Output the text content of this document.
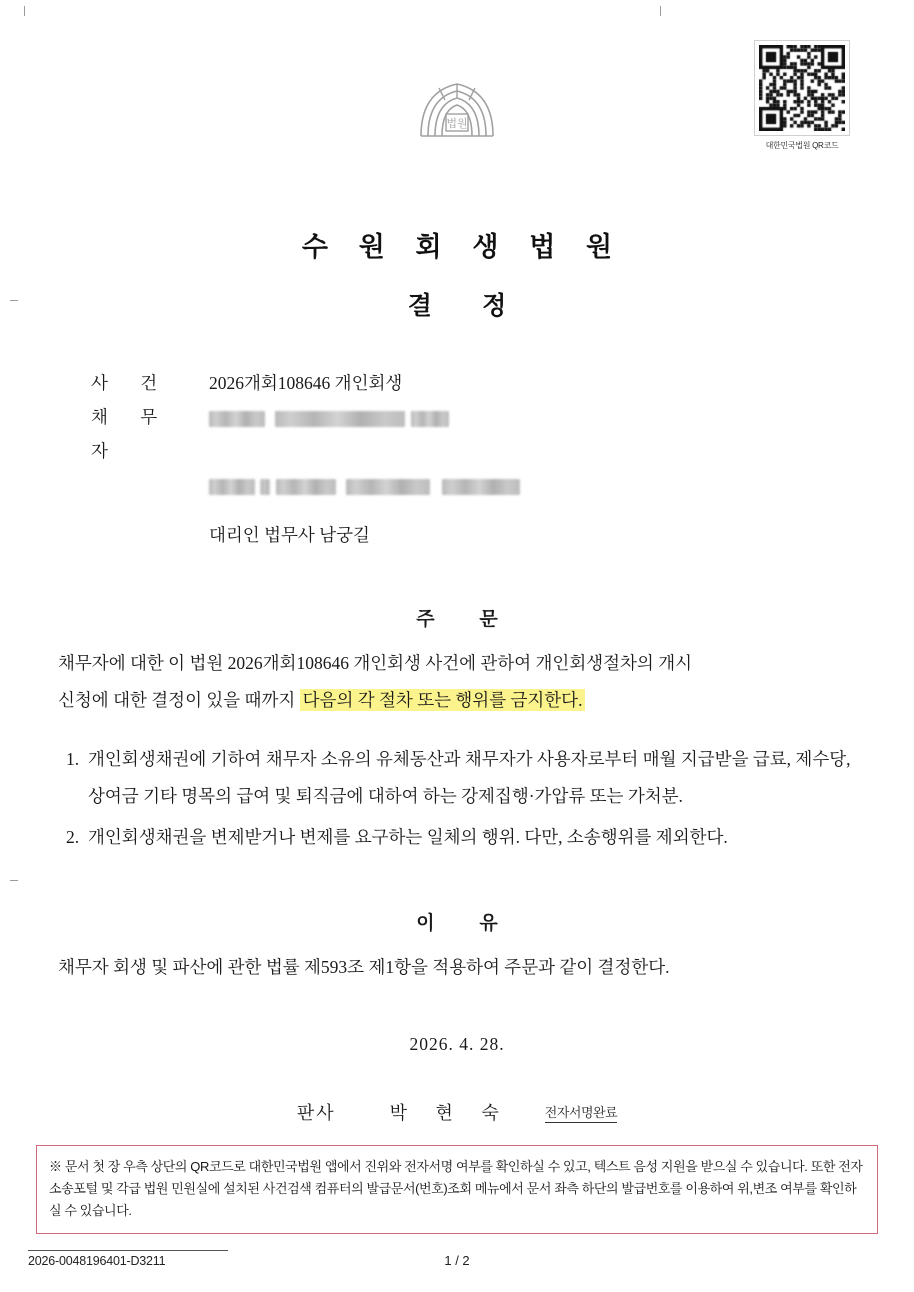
법원
대한민국법원 QR코드
수 원 회 생 법 원
결 정
사 건	2026개회108646 개인회생
채 무 자
대리인 법무사 남궁길
주 문
채무자에 대한 이 법원 2026개회108646 개인회생 사건에 관하여 개인회생절차의 개시
신청에 대한 결정이 있을 때까지 다음의 각 절차 또는 행위를 금지한다.
1. 개인회생채권에 기하여 채무자 소유의 유체동산과 채무자가 사용자로부터 매월 지급받을 급료, 제수당, 상여금 기타 명목의 급여 및 퇴직금에 대하여 하는 강제집행·가압류 또는 가처분.
2. 개인회생채권을 변제받거나 변제를 요구하는 일체의 행위. 다만, 소송행위를 제외한다.
이 유
채무자 회생 및 파산에 관한 법률 제593조 제1항을 적용하여 주문과 같이 결정한다.
2026. 4. 28.
판사	박 현 숙	전자서명완료
※ 문서 첫 장 우측 상단의 QR코드로 대한민국법원 앱에서 진위와 전자서명 여부를 확인하실 수 있고, 텍스트 음성 지원을 받으실 수 있습니다. 또한 전자소송포털 및 각급 법원 민원실에 설치된 사건검색 컴퓨터의 발급문서(번호)조회 메뉴에서 문서 좌측 하단의 발급번호를 이용하여 위,변조 여부를 확인하실 수 있습니다.
2026-0048196401-D3211	1 / 2
